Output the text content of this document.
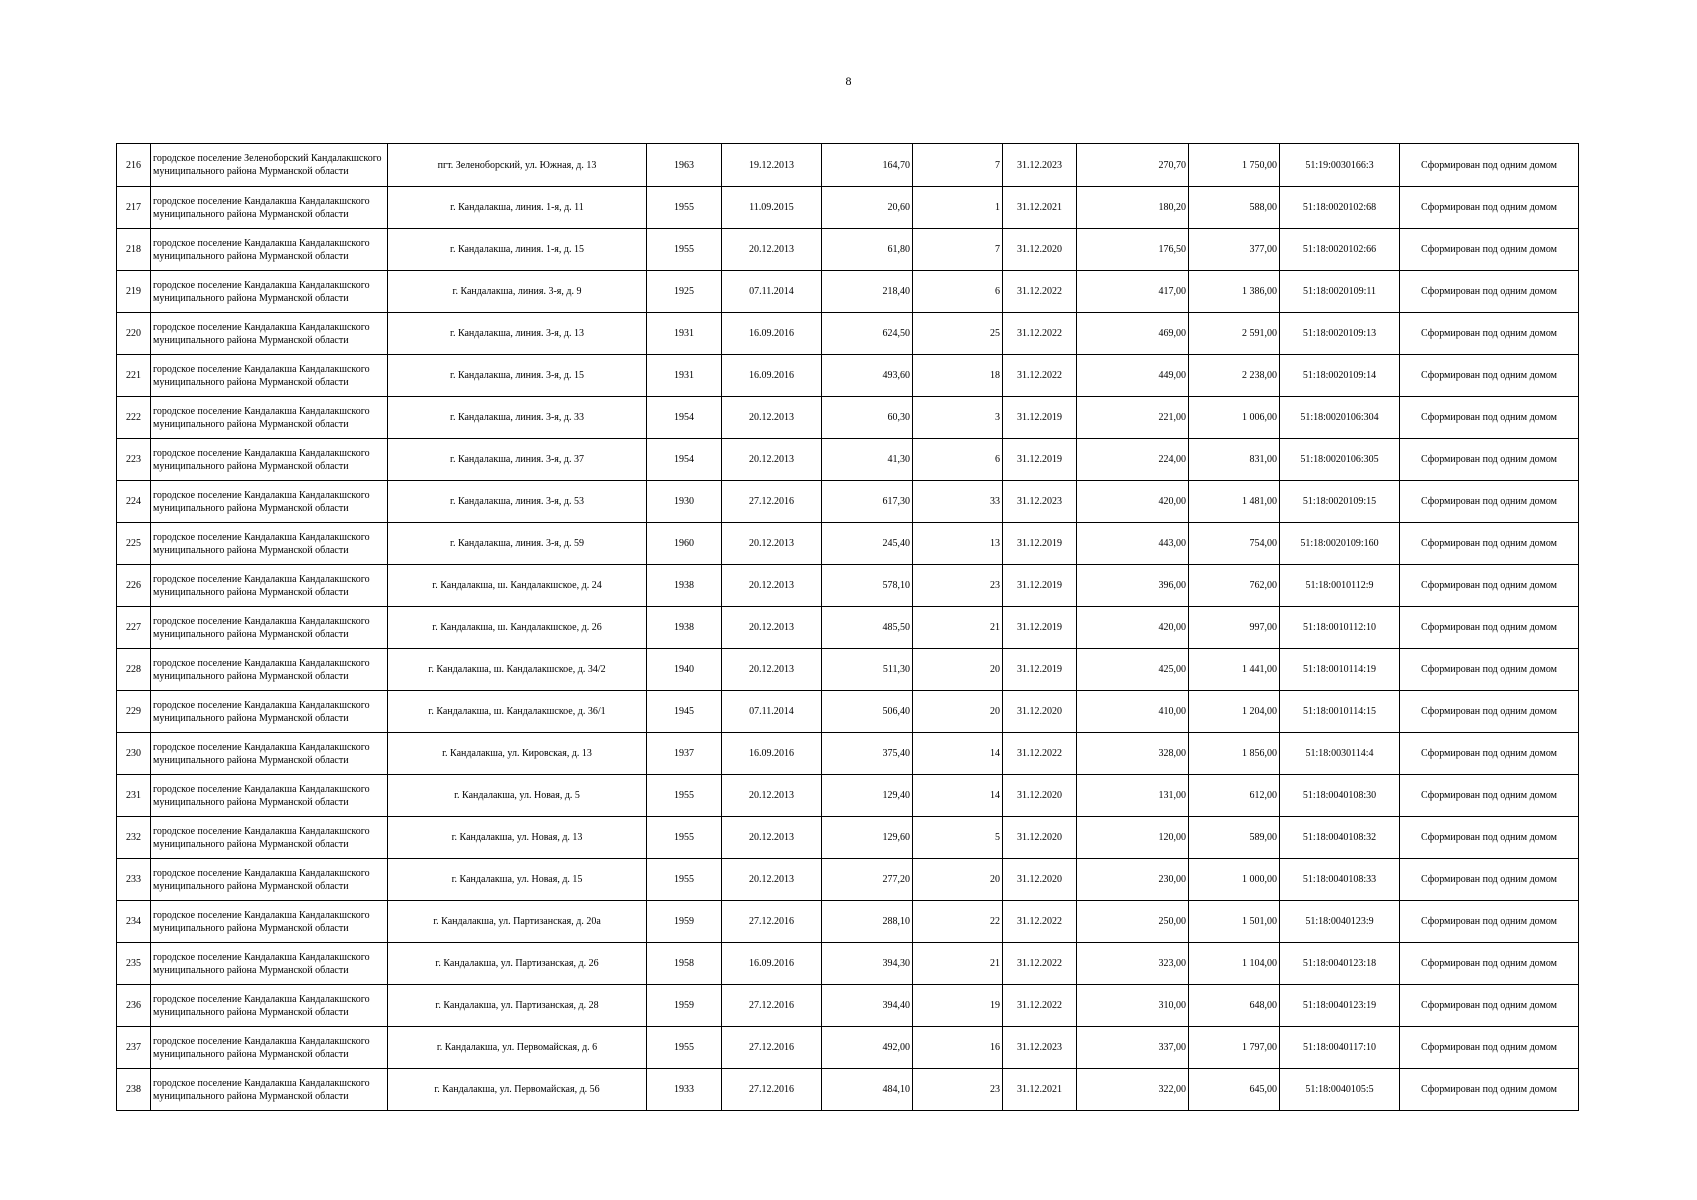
8
216	городское поселение Зеленоборский Кандалакшского муниципального района Мурманской области	пгт. Зеленоборский, ул. Южная, д. 13	1963	19.12.2013	164,70	7	31.12.2023	270,70	1 750,00	51:19:0030166:3	Сформирован под одним домом
217	городское поселение Кандалакша Кандалакшского муниципального района Мурманской области	г. Кандалакша, линия. 1-я, д. 11	1955	11.09.2015	20,60	1	31.12.2021	180,20	588,00	51:18:0020102:68	Сформирован под одним домом
218	городское поселение Кандалакша Кандалакшского муниципального района Мурманской области	г. Кандалакша, линия. 1-я, д. 15	1955	20.12.2013	61,80	7	31.12.2020	176,50	377,00	51:18:0020102:66	Сформирован под одним домом
219	городское поселение Кандалакша Кандалакшского муниципального района Мурманской области	г. Кандалакша, линия. 3-я, д. 9	1925	07.11.2014	218,40	6	31.12.2022	417,00	1 386,00	51:18:0020109:11	Сформирован под одним домом
220	городское поселение Кандалакша Кандалакшского муниципального района Мурманской области	г. Кандалакша, линия. 3-я, д. 13	1931	16.09.2016	624,50	25	31.12.2022	469,00	2 591,00	51:18:0020109:13	Сформирован под одним домом
221	городское поселение Кандалакша Кандалакшского муниципального района Мурманской области	г. Кандалакша, линия. 3-я, д. 15	1931	16.09.2016	493,60	18	31.12.2022	449,00	2 238,00	51:18:0020109:14	Сформирован под одним домом
222	городское поселение Кандалакша Кандалакшского муниципального района Мурманской области	г. Кандалакша, линия. 3-я, д. 33	1954	20.12.2013	60,30	3	31.12.2019	221,00	1 006,00	51:18:0020106:304	Сформирован под одним домом
223	городское поселение Кандалакша Кандалакшского муниципального района Мурманской области	г. Кандалакша, линия. 3-я, д. 37	1954	20.12.2013	41,30	6	31.12.2019	224,00	831,00	51:18:0020106:305	Сформирован под одним домом
224	городское поселение Кандалакша Кандалакшского муниципального района Мурманской области	г. Кандалакша, линия. 3-я, д. 53	1930	27.12.2016	617,30	33	31.12.2023	420,00	1 481,00	51:18:0020109:15	Сформирован под одним домом
225	городское поселение Кандалакша Кандалакшского муниципального района Мурманской области	г. Кандалакша, линия. 3-я, д. 59	1960	20.12.2013	245,40	13	31.12.2019	443,00	754,00	51:18:0020109:160	Сформирован под одним домом
226	городское поселение Кандалакша Кандалакшского муниципального района Мурманской области	г. Кандалакша, ш. Кандалакшское, д. 24	1938	20.12.2013	578,10	23	31.12.2019	396,00	762,00	51:18:0010112:9	Сформирован под одним домом
227	городское поселение Кандалакша Кандалакшского муниципального района Мурманской области	г. Кандалакша, ш. Кандалакшское, д. 26	1938	20.12.2013	485,50	21	31.12.2019	420,00	997,00	51:18:0010112:10	Сформирован под одним домом
228	городское поселение Кандалакша Кандалакшского муниципального района Мурманской области	г. Кандалакша, ш. Кандалакшское, д. 34/2	1940	20.12.2013	511,30	20	31.12.2019	425,00	1 441,00	51:18:0010114:19	Сформирован под одним домом
229	городское поселение Кандалакша Кандалакшского муниципального района Мурманской области	г. Кандалакша, ш. Кандалакшское, д. 36/1	1945	07.11.2014	506,40	20	31.12.2020	410,00	1 204,00	51:18:0010114:15	Сформирован под одним домом
230	городское поселение Кандалакша Кандалакшского муниципального района Мурманской области	г. Кандалакша, ул. Кировская, д. 13	1937	16.09.2016	375,40	14	31.12.2022	328,00	1 856,00	51:18:0030114:4	Сформирован под одним домом
231	городское поселение Кандалакша Кандалакшского муниципального района Мурманской области	г. Кандалакша, ул. Новая, д. 5	1955	20.12.2013	129,40	14	31.12.2020	131,00	612,00	51:18:0040108:30	Сформирован под одним домом
232	городское поселение Кандалакша Кандалакшского муниципального района Мурманской области	г. Кандалакша, ул. Новая, д. 13	1955	20.12.2013	129,60	5	31.12.2020	120,00	589,00	51:18:0040108:32	Сформирован под одним домом
233	городское поселение Кандалакша Кандалакшского муниципального района Мурманской области	г. Кандалакша, ул. Новая, д. 15	1955	20.12.2013	277,20	20	31.12.2020	230,00	1 000,00	51:18:0040108:33	Сформирован под одним домом
234	городское поселение Кандалакша Кандалакшского муниципального района Мурманской области	г. Кандалакша, ул. Партизанская, д. 20а	1959	27.12.2016	288,10	22	31.12.2022	250,00	1 501,00	51:18:0040123:9	Сформирован под одним домом
235	городское поселение Кандалакша Кандалакшского муниципального района Мурманской области	г. Кандалакша, ул. Партизанская, д. 26	1958	16.09.2016	394,30	21	31.12.2022	323,00	1 104,00	51:18:0040123:18	Сформирован под одним домом
236	городское поселение Кандалакша Кандалакшского муниципального района Мурманской области	г. Кандалакша, ул. Партизанская, д. 28	1959	27.12.2016	394,40	19	31.12.2022	310,00	648,00	51:18:0040123:19	Сформирован под одним домом
237	городское поселение Кандалакша Кандалакшского муниципального района Мурманской области	г. Кандалакша, ул. Первомайская, д. 6	1955	27.12.2016	492,00	16	31.12.2023	337,00	1 797,00	51:18:0040117:10	Сформирован под одним домом
238	городское поселение Кандалакша Кандалакшского муниципального района Мурманской области	г. Кандалакша, ул. Первомайская, д. 56	1933	27.12.2016	484,10	23	31.12.2021	322,00	645,00	51:18:0040105:5	Сформирован под одним домом
